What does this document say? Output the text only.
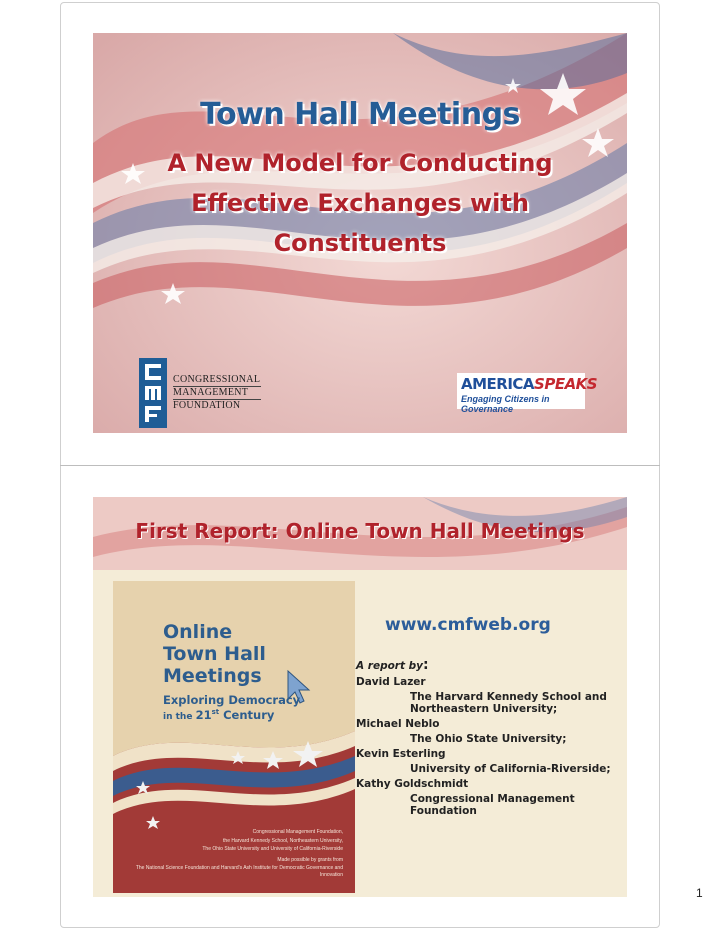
Town Hall Meetings
A New Model for Conducting
Effective Exchanges with
Constituents
CONGRESSIONAL
MANAGEMENT
FOUNDATION
AMERICASPEAKS
Engaging Citizens in Governance
First Report: Online Town Hall Meetings
Online
Town Hall
Meetings
Exploring Democracy
in the 21st Century
Congressional Management Foundation,
the Harvard Kennedy School, Northeastern University,
The Ohio State University and University of California-Riverside
Made possible by grants from
The National Science Foundation and Harvard's Ash Institute for Democratic Governance and Innovation
www.cmfweb.org
A report by:
David Lazer
The Harvard Kennedy School and
Northeastern University;
Michael Neblo
The Ohio State University;
Kevin Esterling
University of California-Riverside;
Kathy Goldschmidt
Congressional Management
Foundation
1
